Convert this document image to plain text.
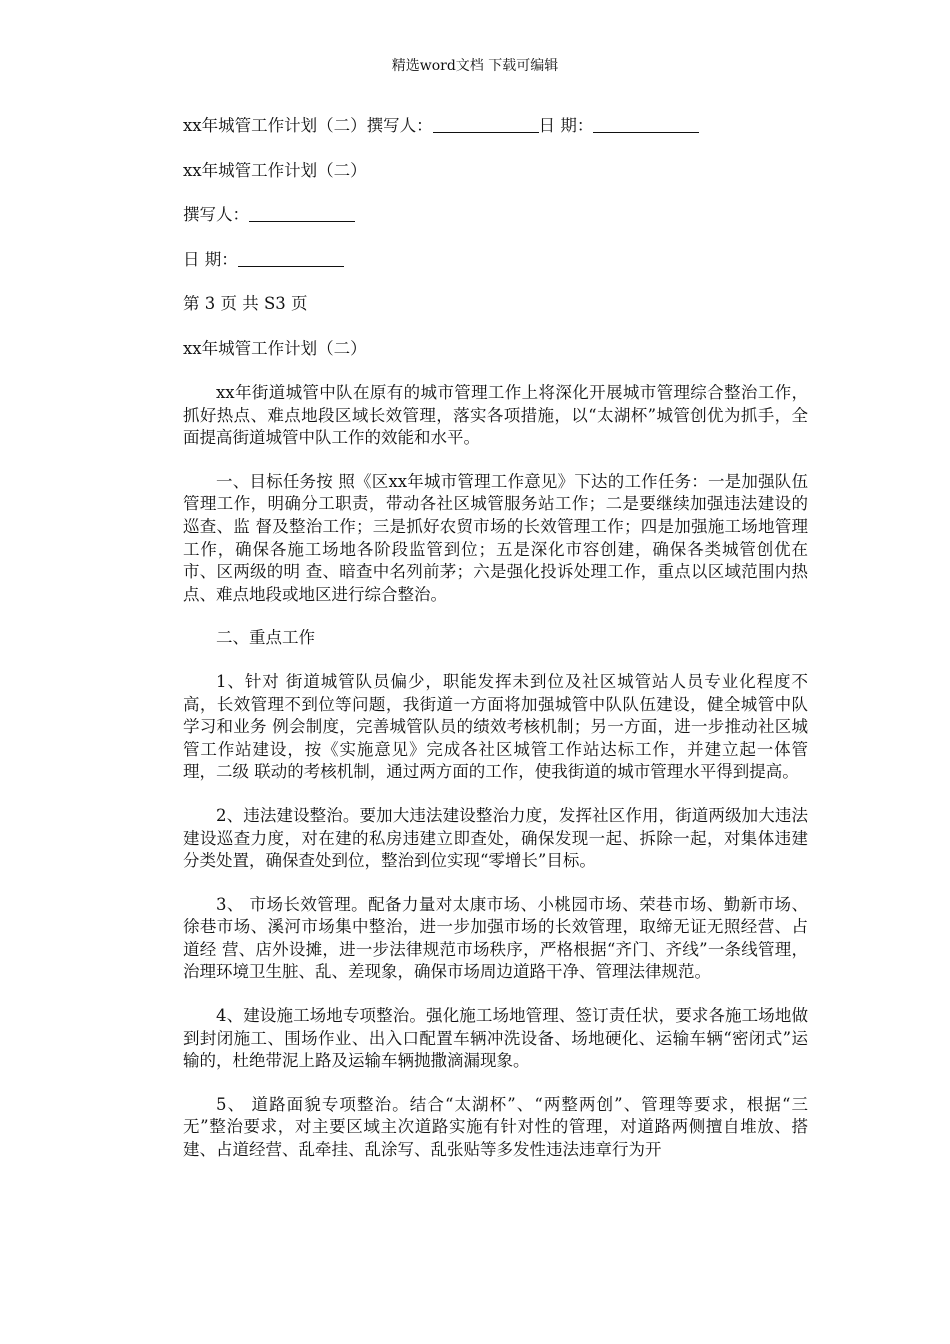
精选word文档 下载可编辑
xx年城管工作计划（二）撰写人：	日 期：
xx年城管工作计划（二）
撰写人：
日 期：
第 3 页 共 S3 页
xx年城管工作计划（二）

xx年街道城管中队在原有的城市管理工作上将深化开展城市管理综合整治工作，抓好热点、难点地段区域长效管理，落实各项措施，以“太湖杯”城管创优为抓手，全面提高街道城管中队工作的效能和水平。

一、目标任务按 照《区xx年城市管理工作意见》下达的工作任务：一是加强队伍管理工作，明确分工职责，带动各社区城管服务站工作；二是要继续加强违法建设的巡查、监 督及整治工作；三是抓好农贸市场的长效管理工作；四是加强施工场地管理工作，确保各施工场地各阶段监管到位；五是深化市容创建，确保各类城管创优在市、区两级的明 查、暗查中名列前茅；六是强化投诉处理工作，重点以区域范围内热点、难点地段或地区进行综合整治。

二、重点工作

1、针对 街道城管队员偏少，职能发挥未到位及社区城管站人员专业化程度不高，长效管理不到位等问题，我街道一方面将加强城管中队队伍建设，健全城管中队学习和业务 例会制度，完善城管队员的绩效考核机制；另一方面，进一步推动社区城管工作站建设，按《实施意见》完成各社区城管工作站达标工作，并建立起一体管理，二级 联动的考核机制，通过两方面的工作，使我街道的城市管理水平得到提高。

2、违法建设整治。要加大违法建设整治力度，发挥社区作用，街道两级加大违法建设巡查力度，对在建的私房违建立即查处，确保发现一起、拆除一起，对集体违建分类处置，确保查处到位，整治到位实现“零增长”目标。

3、 市场长效管理。配备力量对太康市场、小桃园市场、荣巷市场、勤新市场、徐巷市场、溪河市场集中整治，进一步加强市场的长效管理，取缔无证无照经营、占道经 营、店外设摊，进一步法律规范市场秩序，严格根据“齐门、齐线”一条线管理，治理环境卫生脏、乱、差现象，确保市场周边道路干净、管理法律规范。

4、建设施工场地专项整治。强化施工场地管理、签订责任状，要求各施工场地做到封闭施工、围场作业、出入口配置车辆冲洗设备、场地硬化、运输车辆“密闭式”运输的，杜绝带泥上路及运输车辆抛撒滴漏现象。

5、 道路面貌专项整治。结合“太湖杯”、“两整两创”、管理等要求，根据“三无”整治要求，对主要区域主次道路实施有针对性的管理，对道路两侧擅自堆放、搭 建、占道经营、乱牵挂、乱涂写、乱张贴等多发性违法违章行为开
